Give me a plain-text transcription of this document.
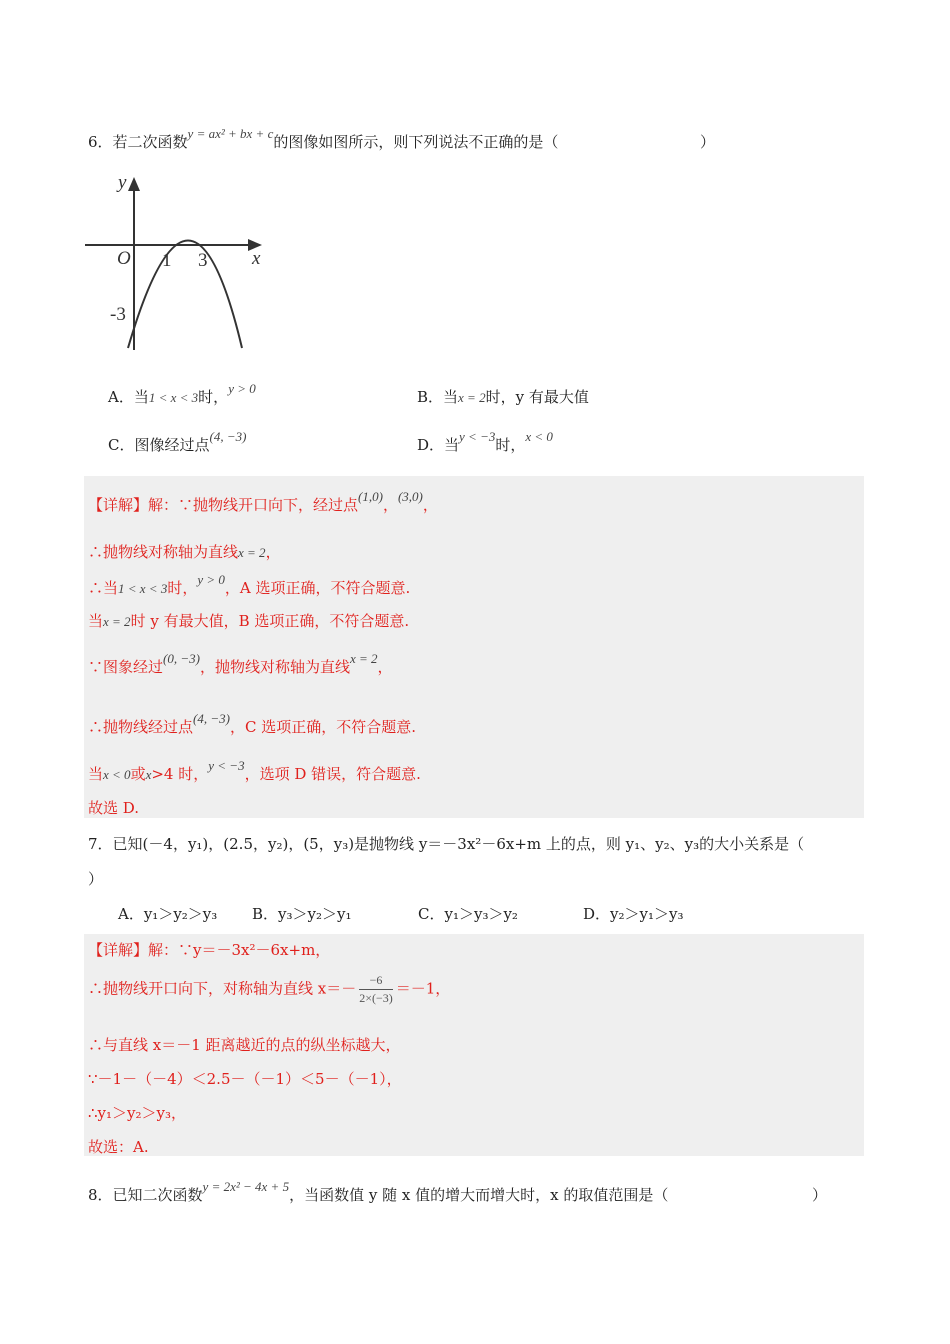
6．若二次函数y = ax² + bx + c的图像如图所示，则下列说法不正确的是（	）
y
x
O 1 3
-3
A．当1 < x < 3时，y > 0	B．当x = 2时，y 有最大值
C．图像经过点(4, −3)	D．当y < −3时，x < 0
【详解】解：∵抛物线开口向下，经过点(1,0)，(3,0)，
∴抛物线对称轴为直线x = 2，
∴当1 < x < 3时，y > 0，A 选项正确，不符合题意.
当x = 2时 y 有最大值，B 选项正确，不符合题意.
∵图象经过(0, −3)，抛物线对称轴为直线x = 2，
∴抛物线经过点(4, −3)，C 选项正确，不符合题意.
当x < 0或x>4 时，y < −3，选项 D 错误，符合题意.
故选 D.
7．已知(－4，y₁)，(2.5，y₂)，(5，y₃)是抛物线 y＝－3x²－6x+m 上的点，则 y₁、y₂、y₃的大小关系是（
）
A．y₁＞y₂＞y₃ B．y₃＞y₂＞y₁	C．y₁＞y₃＞y₂	D．y₂＞y₁＞y₃
【详解】解：∵y＝－3x²－6x+m，
∴抛物线开口向下，对称轴为直线 $x=- \frac{-6}{2\times(-3)} =-1$，
∴与直线 x＝－1 距离越近的点的纵坐标越大，
∵－1－（－4）＜2.5－（－1）＜5－（－1），
∴y₁＞y₂＞y₃，
故选：A.
8．已知二次函数y = 2x² − 4x + 5，当函数值 y 随 x 值的增大而增大时，x 的取值范围是（	）
